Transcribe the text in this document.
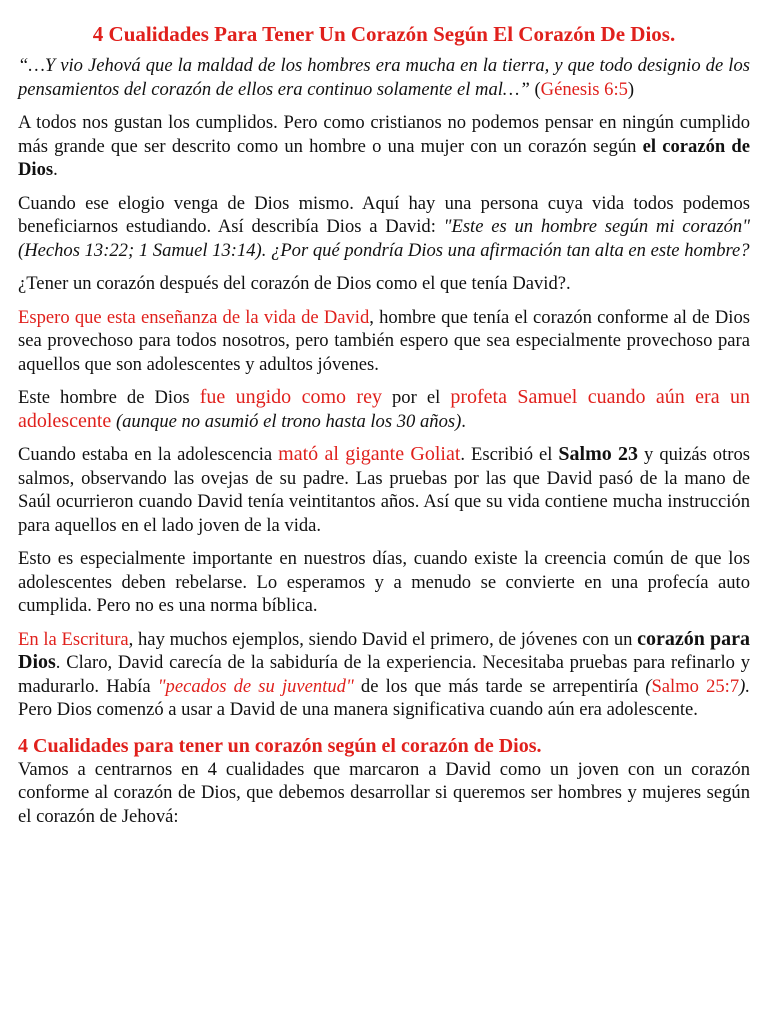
4 Cualidades Para Tener Un Corazón Según El Corazón De Dios.

“…Y vio Jehová que la maldad de los hombres era mucha en la tierra, y que todo designio de los pensamientos del corazón de ellos era continuo solamente el mal…” (Génesis 6:5)

A todos nos gustan los cumplidos. Pero como cristianos no podemos pensar en ningún cumplido más grande que ser descrito como un hombre o una mujer con un corazón según el corazón de Dios.

Cuando ese elogio venga de Dios mismo. Aquí hay una persona cuya vida todos podemos beneficiarnos estudiando. Así describía Dios a David: "Este es un hombre según mi corazón" (Hechos 13:22; 1 Samuel 13:14). ¿Por qué pondría Dios una afirmación tan alta en este hombre?

¿Tener un corazón después del corazón de Dios como el que tenía David?.

Espero que esta enseñanza de la vida de David, hombre que tenía el corazón conforme al de Dios sea provechoso para todos nosotros, pero también espero que sea especialmente provechoso para aquellos que son adolescentes y adultos jóvenes.

Este hombre de Dios fue ungido como rey por el profeta Samuel cuando aún era un adolescente (aunque no asumió el trono hasta los 30 años).

Cuando estaba en la adolescencia mató al gigante Goliat. Escribió el Salmo 23 y quizás otros salmos, observando las ovejas de su padre. Las pruebas por las que David pasó de la mano de Saúl ocurrieron cuando David tenía veintitantos años. Así que su vida contiene mucha instrucción para aquellos en el lado joven de la vida.

Esto es especialmente importante en nuestros días, cuando existe la creencia común de que los adolescentes deben rebelarse. Lo esperamos y a menudo se convierte en una profecía auto cumplida. Pero no es una norma bíblica.

En la Escritura, hay muchos ejemplos, siendo David el primero, de jóvenes con un corazón para Dios. Claro, David carecía de la sabiduría de la experiencia. Necesitaba pruebas para refinarlo y madurarlo. Había "pecados de su juventud" de los que más tarde se arrepentiría (Salmo 25:7). Pero Dios comenzó a usar a David de una manera significativa cuando aún era adolescente.

4 Cualidades para tener un corazón según el corazón de Dios.

Vamos a centrarnos en 4 cualidades que marcaron a David como un joven con un corazón conforme al corazón de Dios, que debemos desarrollar si queremos ser hombres y mujeres según el corazón de Jehová:
